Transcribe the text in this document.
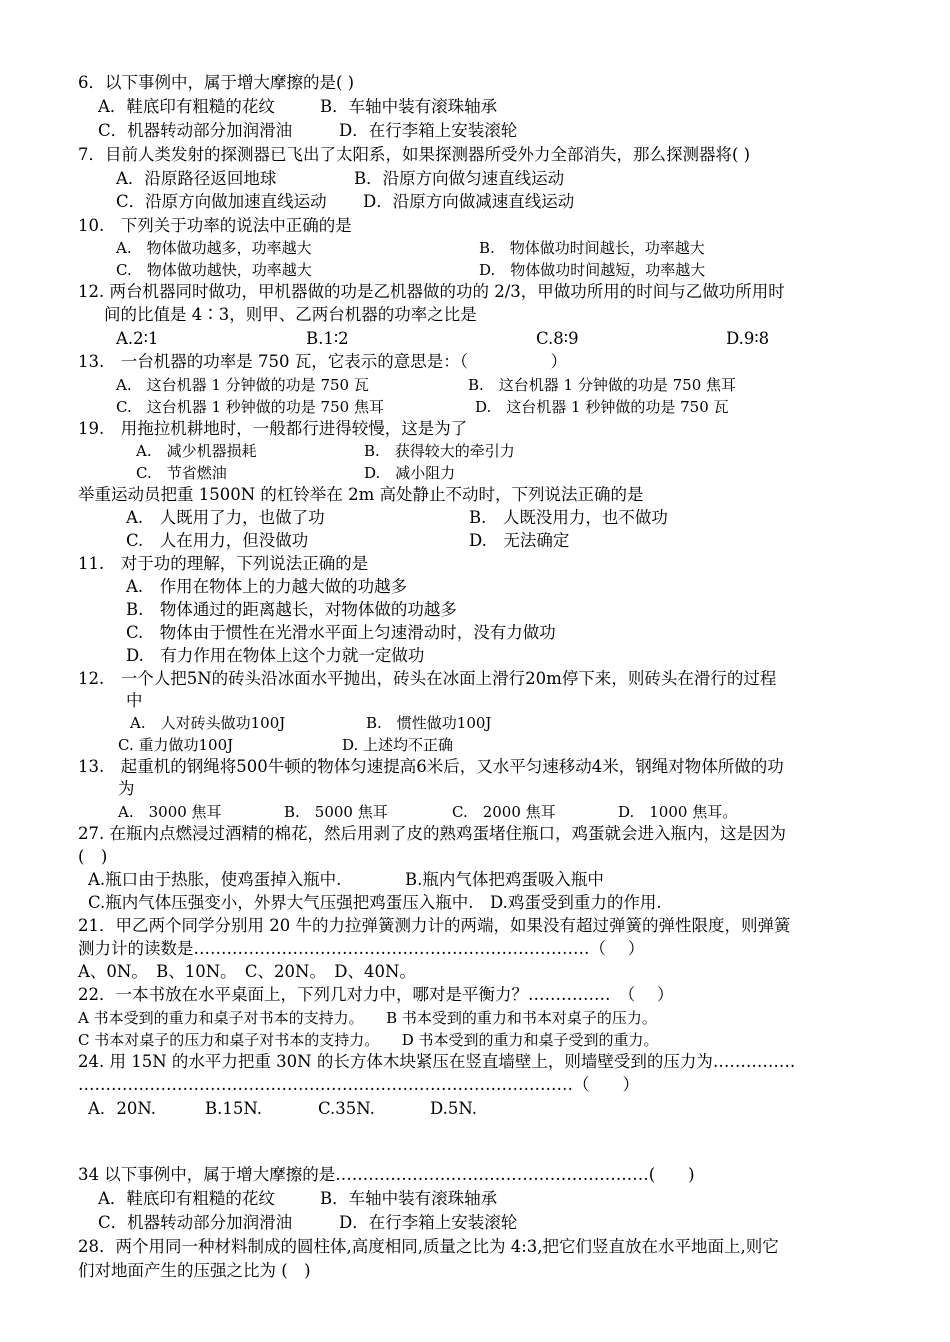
6．以下事例中，属于增大摩擦的是( )
A．鞋底印有粗糙的花纹	B．车轴中装有滚珠轴承
C．机器转动部分加润滑油	D．在行李箱上安装滚轮
7．目前人类发射的探测器已飞出了太阳系，如果探测器所受外力全部消失，那么探测器将( )
A．沿原路径返回地球	B．沿原方向做匀速直线运动
C．沿原方向做加速直线运动 D．沿原方向做减速直线运动
10.　下列关于功率的说法中正确的是
A.　物体做功越多，功率越大	B.　物体做功时间越长，功率越大
C.　物体做功越快，功率越大	D.　物体做功时间越短，功率越大
12. 两台机器同时做功，甲机器做的功是乙机器做的功的 2/3，甲做功所用的时间与乙做功所用时
间的比值是 4∶3，则甲、乙两台机器的功率之比是
A.2∶1	B.1∶2	C.8∶9	D.9∶8
13.　一台机器的功率是 750 瓦，它表示的意思是：（　　　　　）
A.　这台机器 1 分钟做的功是 750 瓦	B.　这台机器 1 分钟做的功是 750 焦耳
C.　这台机器 1 秒钟做的功是 750 焦耳	D.　这台机器 1 秒钟做的功是 750 瓦
19.　用拖拉机耕地时，一般都行进得较慢，这是为了
A.　减少机器损耗	B.　获得较大的牵引力
C.　节省燃油	D.　减小阻力
举重运动员把重 1500N 的杠铃举在 2m 高处静止不动时，下列说法正确的是
A.　人既用了力，也做了功	B.　人既没用力，也不做功
C.　人在用力，但没做功	D.　无法确定
11.　对于功的理解，下列说法正确的是
A.　作用在物体上的力越大做的功越多
B.　物体通过的距离越长，对物体做的功越多
C.　物体由于惯性在光滑水平面上匀速滑动时，没有力做功
D.　有力作用在物体上这个力就一定做功
12.　一个人把5N的砖头沿冰面水平抛出，砖头在冰面上滑行20m停下来，则砖头在滑行的过程
中
A.　人对砖头做功100J	B.　惯性做功100J
C. 重力做功100J	D. 上述均不正确
13.　起重机的钢绳将500牛顿的物体匀速提高6米后，又水平匀速移动4米，钢绳对物体所做的功
为
A.　3000 焦耳	B.　5000 焦耳	C.　2000 焦耳	D.　1000 焦耳。
27. 在瓶内点燃浸过酒精的棉花，然后用剥了皮的熟鸡蛋堵住瓶口，鸡蛋就会进入瓶内，这是因为
(　)
A.瓶口由于热胀，使鸡蛋掉入瓶中.	B.瓶内气体把鸡蛋吸入瓶中
C.瓶内气体压强变小，外界大气压强把鸡蛋压入瓶中.　D.鸡蛋受到重力的作用.
21．甲乙两个同学分别用 20 牛的力拉弹簧测力计的两端，如果没有超过弹簧的弹性限度，则弹簧
测力计的读数是………………………………………………………………（　 ）
A、0N。　B、10N。　C、20N。　D、40N。
22．一本书放在水平桌面上，下列几对力中，哪对是平衡力？……………　（　 ）
A 书本受到的重力和桌子对书本的支持力。　　B 书本受到的重力和书本对桌子的压力。
C 书本对桌子的压力和桌子对书本的支持力。　　D 书本受到的重力和桌子受到的重力。
24. 用 15N 的水平力把重 30N 的长方体木块紧压在竖直墙壁上，则墙壁受到的压力为……………
………………………………………………………………………………（　　）
A．20N.	B.15N.	C.35N.	D.5N.
34 以下事例中，属于增大摩擦的是…………………………………………………(　　)
A．鞋底印有粗糙的花纹	B．车轴中装有滚珠轴承
C．机器转动部分加润滑油	D．在行李箱上安装滚轮
28．两个用同一种材料制成的圆柱体,高度相同,质量之比为 4:3,把它们竖直放在水平地面上,则它
们对地面产生的压强之比为 (　)
